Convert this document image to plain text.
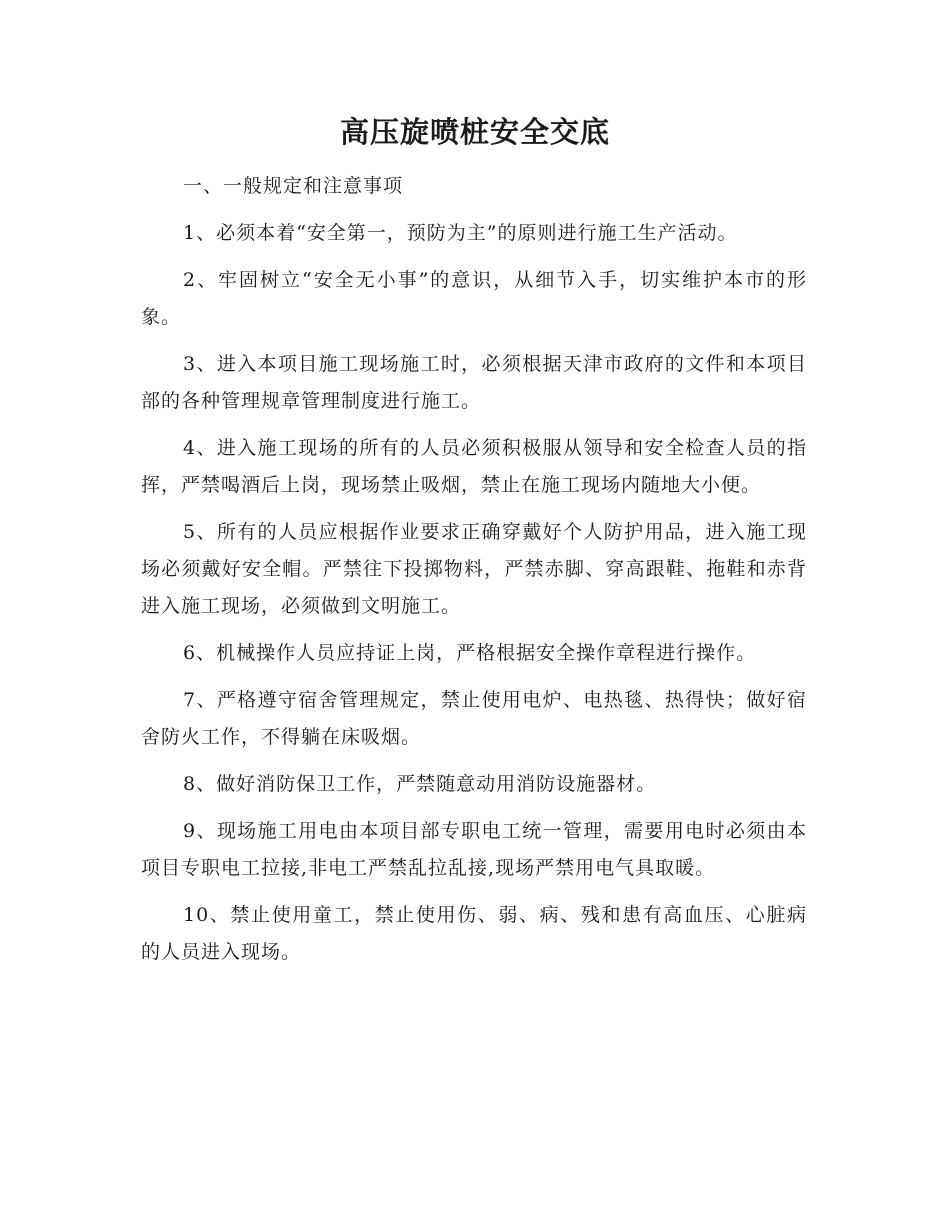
高压旋喷桩安全交底

一、一般规定和注意事项

1、必须本着“安全第一，预防为主”的原则进行施工生产活动。

2、牢固树立“安全无小事”的意识，从细节入手，切实维护本市的形象。

3、进入本项目施工现场施工时，必须根据天津市政府的文件和本项目部的各种管理规章管理制度进行施工。

4、进入施工现场的所有的人员必须积极服从领导和安全检查人员的指挥，严禁喝酒后上岗，现场禁止吸烟，禁止在施工现场内随地大小便。

5、所有的人员应根据作业要求正确穿戴好个人防护用品，进入施工现场必须戴好安全帽。严禁往下投掷物料，严禁赤脚、穿高跟鞋、拖鞋和赤背进入施工现场，必须做到文明施工。

6、机械操作人员应持证上岗，严格根据安全操作章程进行操作。

7、严格遵守宿舍管理规定，禁止使用电炉、电热毯、热得快；做好宿舍防火工作，不得躺在床吸烟。

8、做好消防保卫工作，严禁随意动用消防设施器材。

9、现场施工用电由本项目部专职电工统一管理，需要用电时必须由本项目专职电工拉接,非电工严禁乱拉乱接,现场严禁用电气具取暖。

10、禁止使用童工，禁止使用伤、弱、病、残和患有高血压、心脏病的人员进入现场。
